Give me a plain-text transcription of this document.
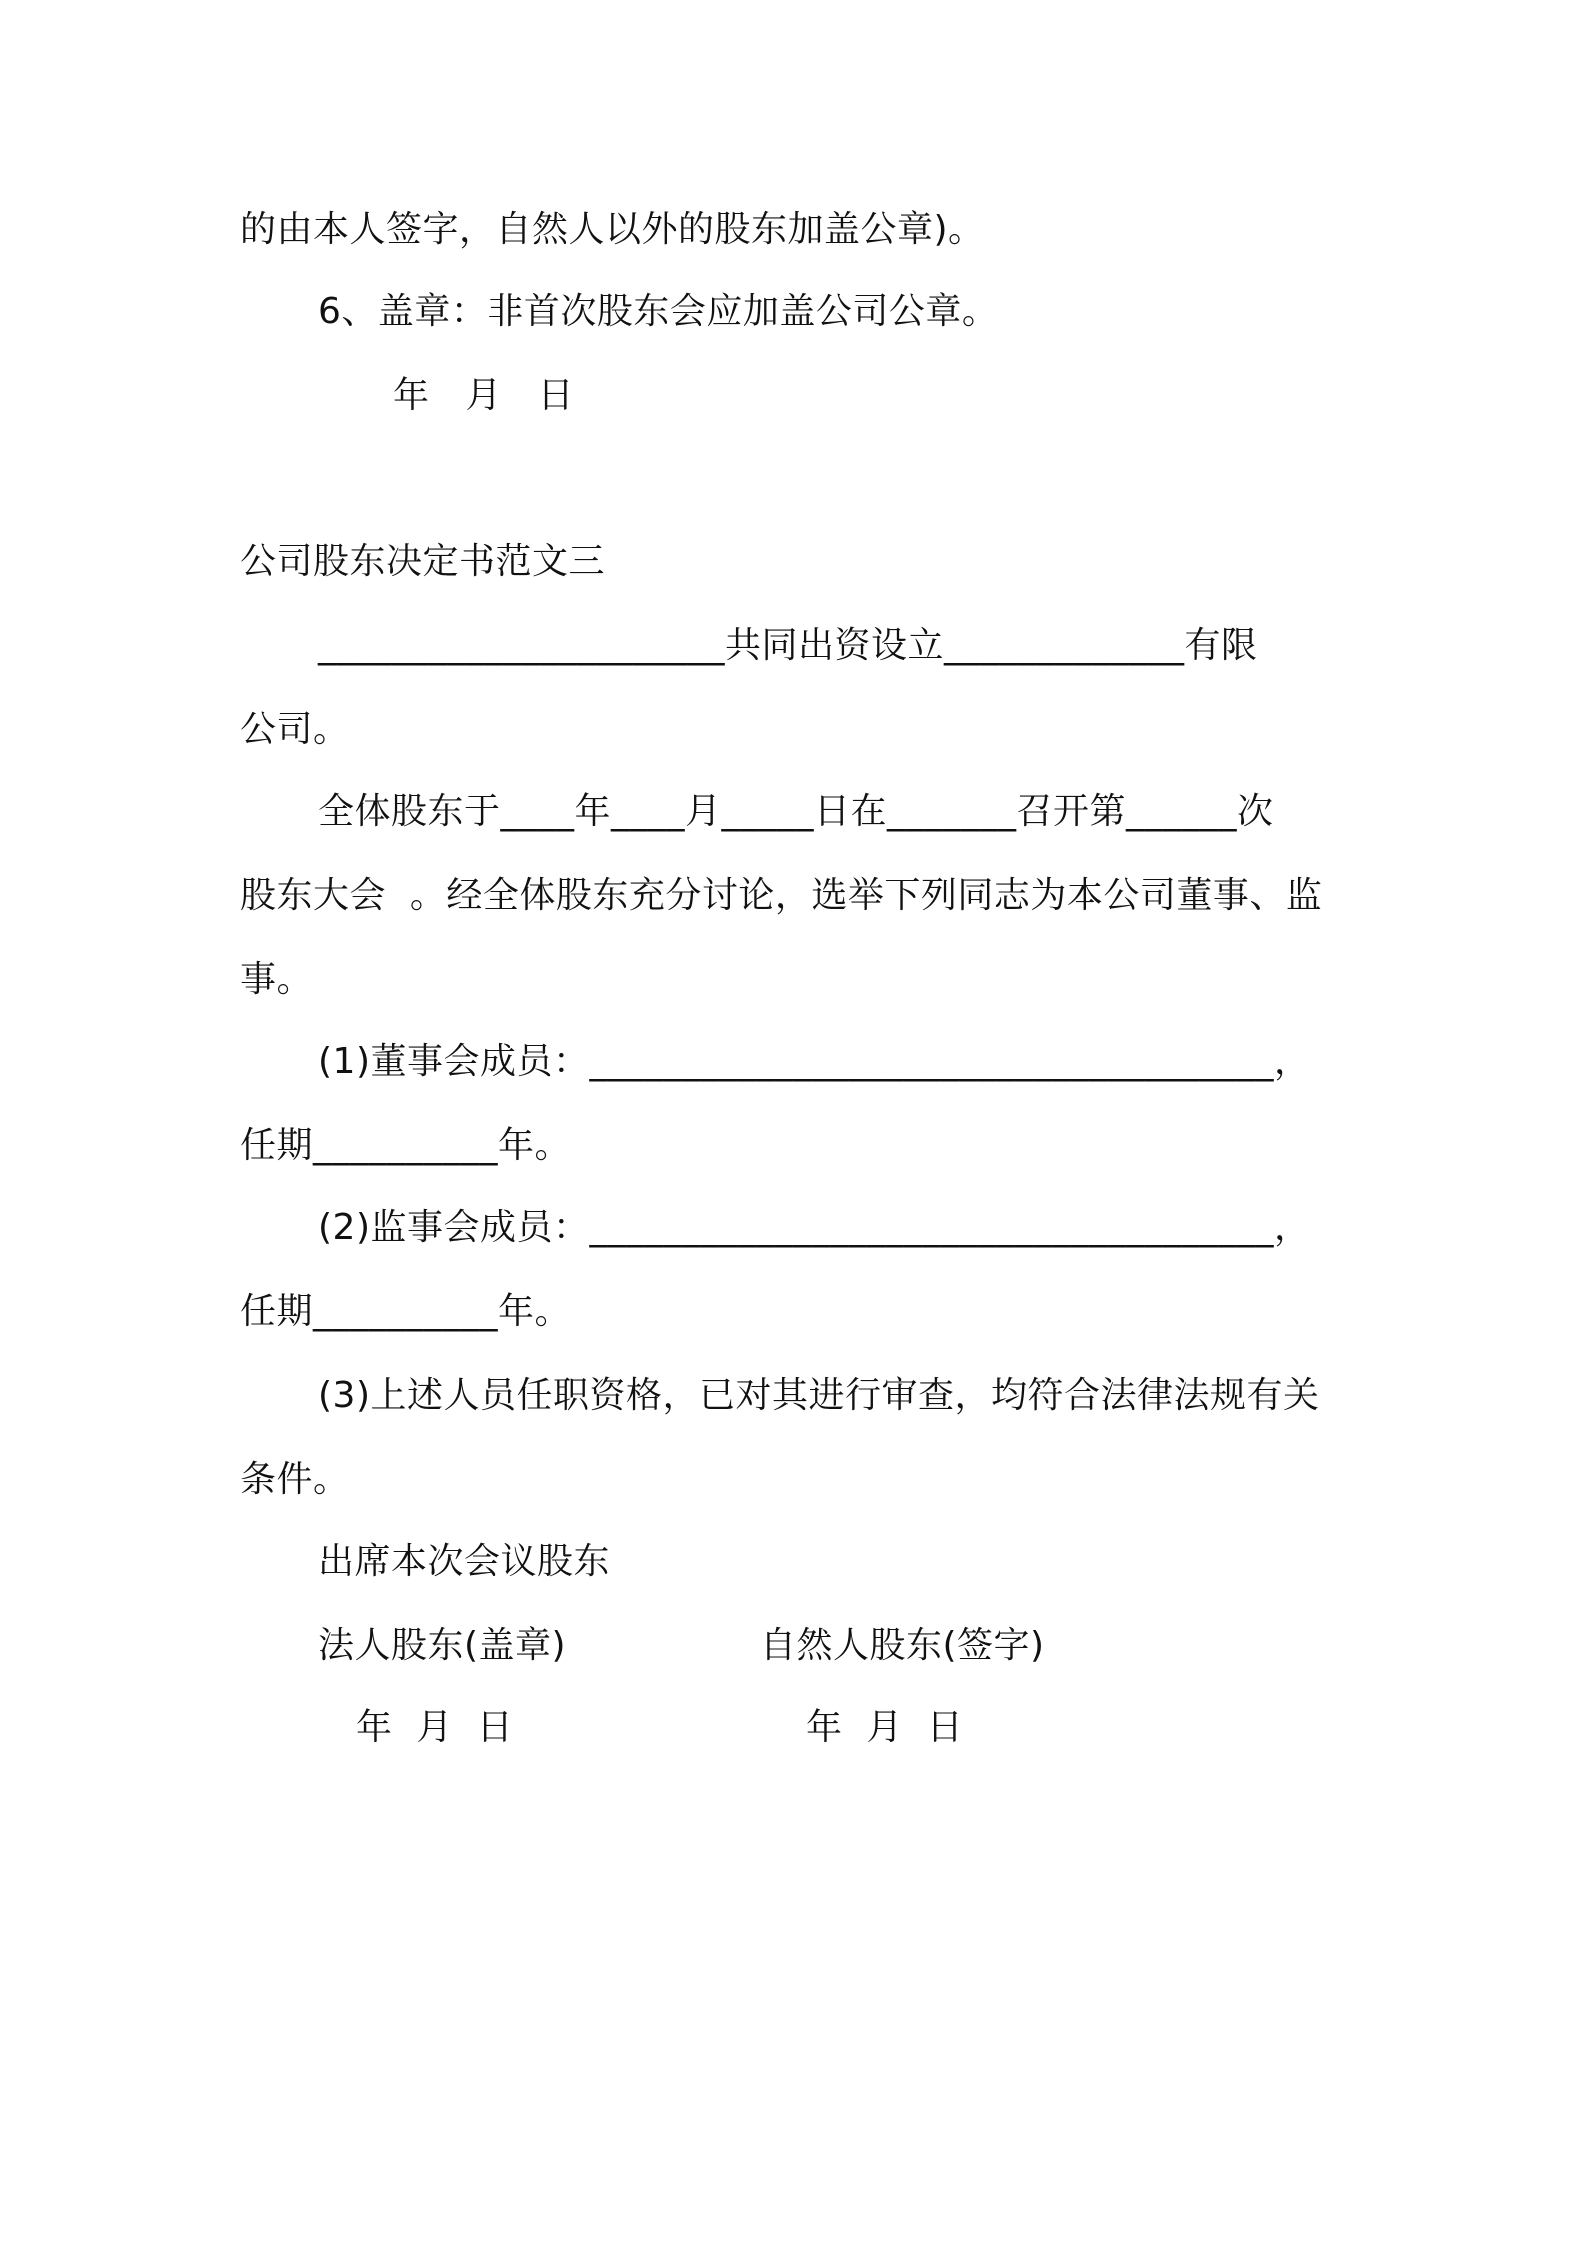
的由本人签字，自然人以外的股东加盖公章)。
6、盖章：非首次股东会应加盖公司公章。
年   月   日
公司股东决定书范文三
______________________共同出资设立_____________有限
公司。
全体股东于____年____月_____日在_______召开第______次
股东大会  。经全体股东充分讨论，选举下列同志为本公司董事、监
事。
(1)董事会成员：_____________________________________，
任期__________年。
(2)监事会成员：_____________________________________，
任期__________年。
(3)上述人员任职资格，已对其进行审查，均符合法律法规有关
条件。
出席本次会议股东
法人股东(盖章)	自然人股东(签字)
年  月  日	年  月  日
